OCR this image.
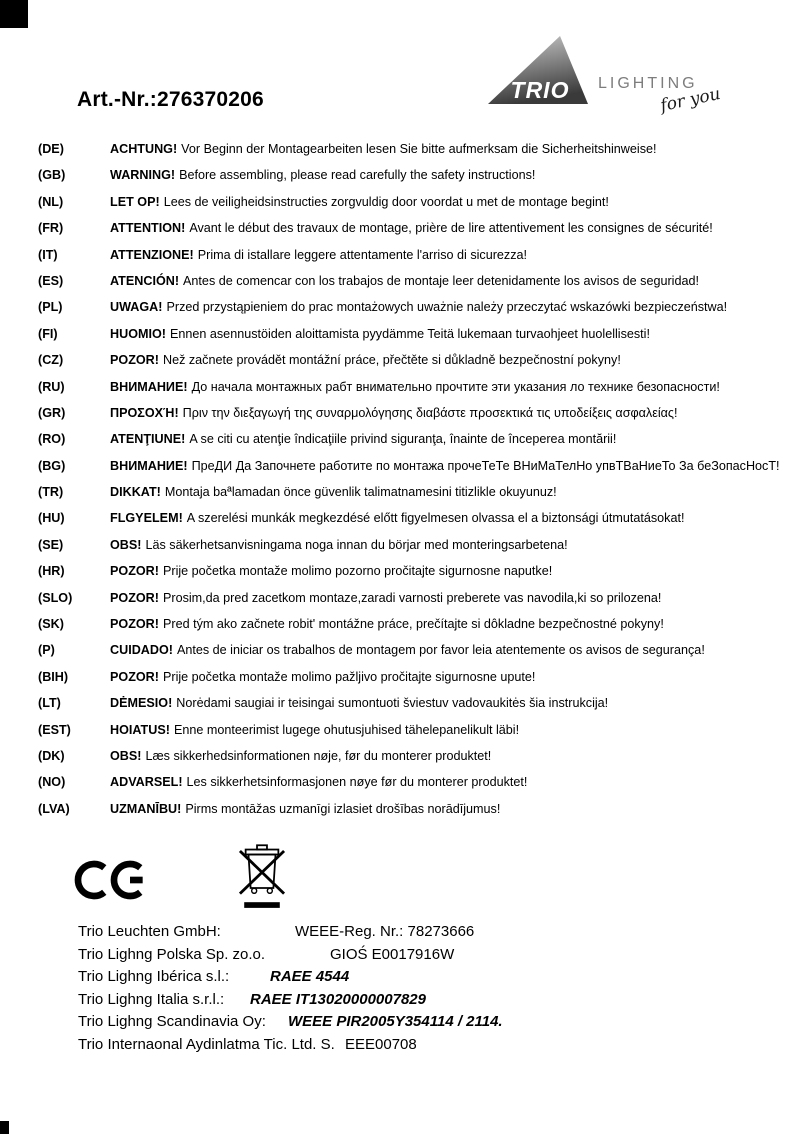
Art.-Nr.:276370206	TRIO LIGHTING
for you
(DE)	ACHTUNG! Vor Beginn der Montagearbeiten lesen Sie bitte aufmerksam die Sicherheitshinweise!
(GB)	WARNING! Before assembling, please read carefully the safety instructions!
(NL)	LET OP! Lees de veiligheidsinstructies zorgvuldig door voordat u met de montage begint!
(FR)	ATTENTION! Avant le début des travaux de montage, prière de lire attentivement les consignes de sécurité!
(IT)	ATTENZIONE! Prima di istallare leggere attentamente l'arriso di sicurezza!
(ES)	ATENCIÓN! Antes de comencar con los trabajos de montaje leer detenidamente los avisos de seguridad!
(PL)	UWAGA! Przed przystąpieniem do prac montażowych uważnie należy przeczytać wskazówki bezpieczeństwa!
(FI)	HUOMIO! Ennen asennustöiden aloittamista pyydämme Teitä lukemaan turvaohjeet huolellisesti!
(CZ)	POZOR! Než začnete provádět montážní práce, přečtěte si důkladně bezpečnostní pokyny!
(RU)	ВНИМАНИЕ! До начала монтажных рабт внимательно прочтите эти указания ло технике безопасности!
(GR)	ΠΡΟΣΟΧΉ! Πριν την διεξαγωγή της συναρμολόγησης διαβάστε προσεκτικά τις υποδείξεις ασφαλείας!
(RO)	ATENŢIUNE! A se citi cu atenţie îndicaţiile privind siguranţa, înainte de începerea montării!
(BG)	ВНИМАНИЕ! ПреДИ Да Започнете работите по монтажа прочеТеТе ВНиМаТелНо упвТВаНиеТо За беЗопасНосТ!
(TR)	DIKKAT! Montaja baªlamadan önce güvenlik talimatnamesini titizlikle okuyunuz!
(HU)	FLGYELEM! A szerelési munkák megkezdésé előtt figyelmesen olvassa el a biztonsági útmutatásokat!
(SE)	OBS! Läs säkerhetsanvisningama noga innan du börjar med monteringsarbetena!
(HR)	POZOR! Prije početka montaže molimo pozorno pročitajte sigurnosne naputke!
(SLO)	POZOR! Prosim,da pred zacetkom montaze,zaradi varnosti preberete vas navodila,ki so prilozena!
(SK)	POZOR! Pred tým ako začnete robit' montážne práce, prečítajte si dôkladne bezpečnostné pokyny!
(P)	CUIDADO! Antes de iniciar os trabalhos de montagem por favor leia atentemente os avisos de segurança!
(BIH)	POZOR! Prije početka montaže molimo pažljivo pročitajte sigurnosne upute!
(LT)	DĖMESIO! Norėdami saugiai ir teisingai sumontuoti šviestuv vadovaukitės šia instrukcija!
(EST)	HOIATUS! Enne monteerimist lugege ohutusjuhised tähelepanelikult läbi!
(DK)	OBS! Læs sikkerhedsinformationen nøje, før du monterer produktet!
(NO)	ADVARSEL! Les sikkerhetsinformasjonen nøye før du monterer produktet!
(LVA)	UZMANĪBU! Pirms montāžas uzmanīgi izlasiet drošības norādījumus!
Trio Leuchten GmbH:	WEEE-Reg. Nr.: 78273666
Trio Lighng Polska Sp. zo.o.	GIOŚ E0017916W
Trio Lighng Ibérica s.l.:	RAEE 4544
Trio Lighng Italia s.r.l.: RAEE IT13020000007829
Trio Lighng Scandinavia Oy: WEEE PIR2005Y354114 / 2114.
Trio Internaonal Aydinlatma Tic. Ltd. S. EEE00708
